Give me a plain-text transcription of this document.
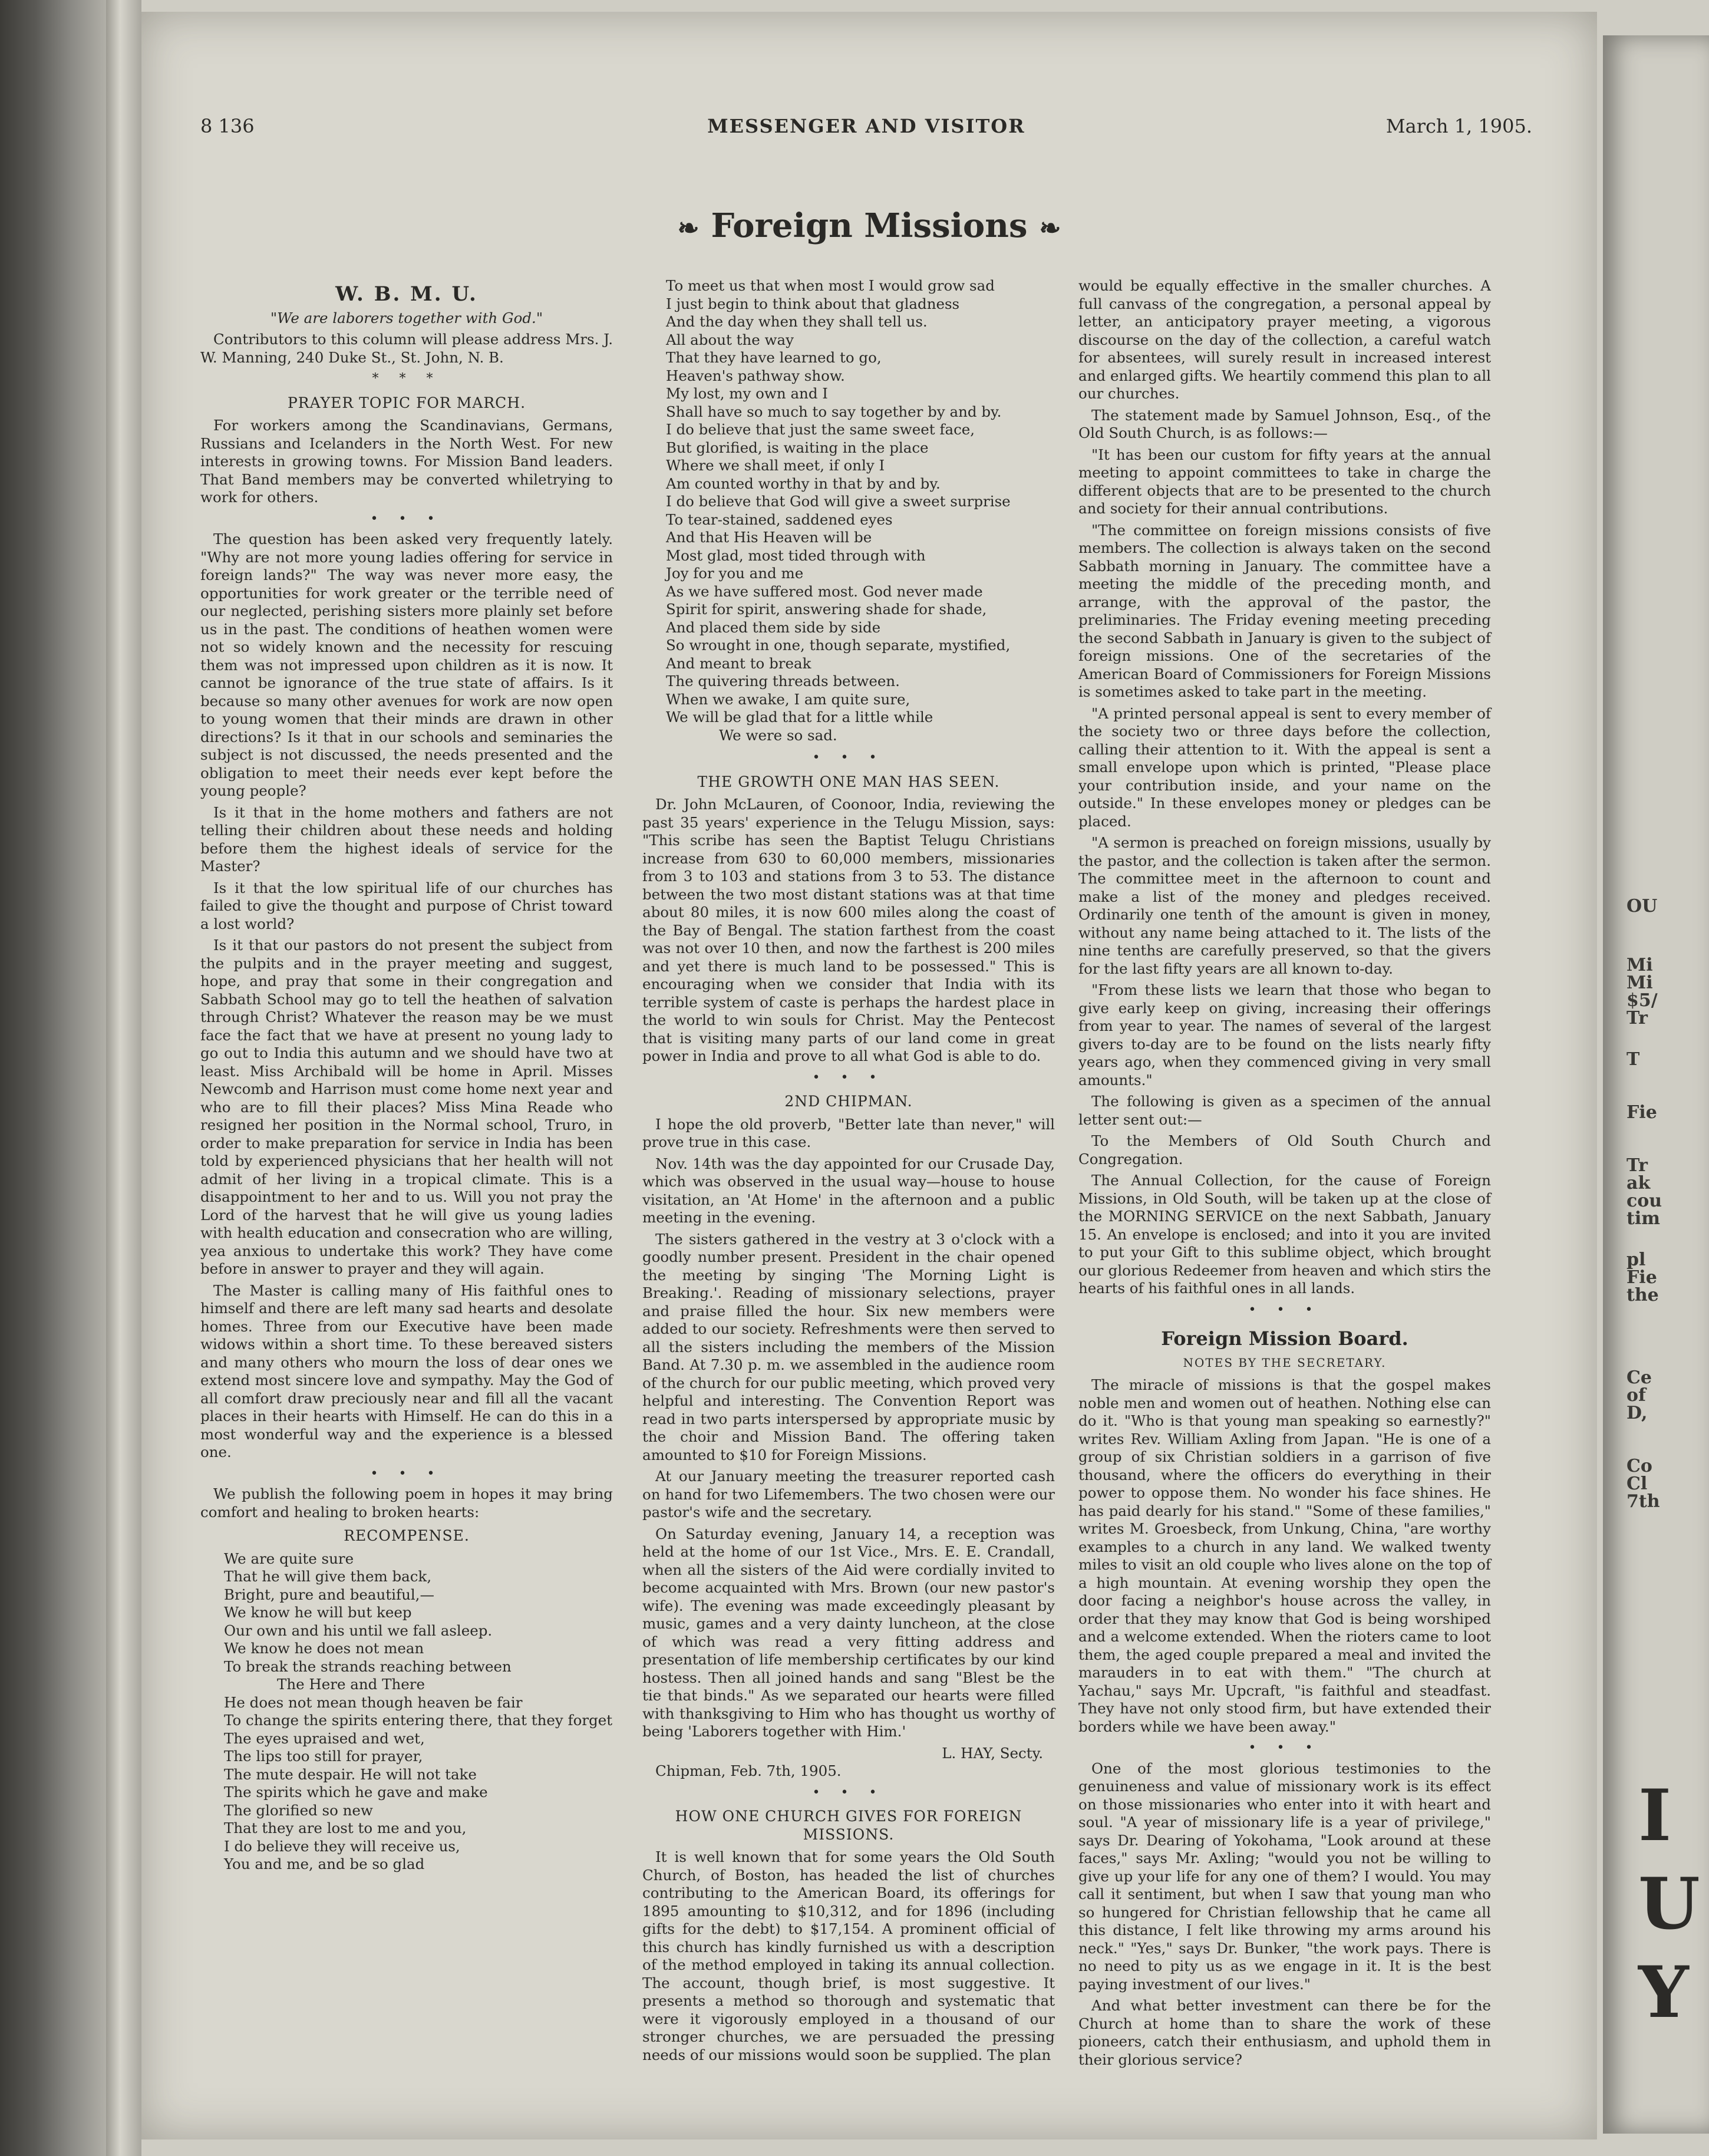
8 136	MESSENGER AND VISITOR	March 1, 1905.
❧ Foreign Missions ❧
W. B. M. U.
"We are laborers together with God."

Contributors to this column will please address Mrs. J. W. Manning, 240 Duke St., St. John, N. B.

* * *
PRAYER TOPIC FOR MARCH.

For workers among the Scandinavians, Germans, Russians and Icelanders in the North West. For new interests in growing towns. For Mission Band leaders. That Band members may be converted whiletrying to work for others.

• • •

The question has been asked very frequently lately. "Why are not more young ladies offering for service in foreign lands?" The way was never more easy, the opportunities for work greater or the terrible need of our neglected, perishing sisters more plainly set before us in the past. The conditions of heathen women were not so widely known and the necessity for rescuing them was not impressed upon children as it is now. It cannot be ignorance of the true state of affairs. Is it because so many other avenues for work are now open to young women that their minds are drawn in other directions? Is it that in our schools and seminaries the subject is not discussed, the needs presented and the obligation to meet their needs ever kept before the young people?

Is it that in the home mothers and fathers are not telling their children about these needs and holding before them the highest ideals of service for the Master?

Is it that the low spiritual life of our churches has failed to give the thought and purpose of Christ toward a lost world?

Is it that our pastors do not present the subject from the pulpits and in the prayer meeting and suggest, hope, and pray that some in their congregation and Sabbath School may go to tell the heathen of salvation through Christ? Whatever the reason may be we must face the fact that we have at present no young lady to go out to India this autumn and we should have two at least. Miss Archibald will be home in April. Misses Newcomb and Harrison must come home next year and who are to fill their places? Miss Mina Reade who resigned her position in the Normal school, Truro, in order to make preparation for service in India has been told by experienced physicians that her health will not admit of her living in a tropical climate. This is a disappointment to her and to us. Will you not pray the Lord of the harvest that he will give us young ladies with health education and consecration who are willing, yea anxious to undertake this work? They have come before in answer to prayer and they will again.

The Master is calling many of His faithful ones to himself and there are left many sad hearts and desolate homes. Three from our Executive have been made widows within a short time. To these bereaved sisters and many others who mourn the loss of dear ones we extend most sincere love and sympathy. May the God of all comfort draw preciously near and fill all the vacant places in their hearts with Himself. He can do this in a most wonderful way and the experience is a blessed one.

• • •

We publish the following poem in hopes it may bring comfort and healing to broken hearts:

RECOMPENSE.
We are quite sure
That he will give them back,
Bright, pure and beautiful,—
We know he will but keep
Our own and his until we fall asleep.
We know he does not mean
To break the strands reaching between
The Here and There
He does not mean though heaven be fair
To change the spirits entering there, that they forget
The eyes upraised and wet,
The lips too still for prayer,
The mute despair. He will not take
The spirits which he gave and make
The glorified so new
That they are lost to me and you,
I do believe they will receive us,
You and me, and be so glad
To meet us that when most I would grow sad
I just begin to think about that gladness
And the day when they shall tell us.
All about the way
That they have learned to go,
Heaven's pathway show.
My lost, my own and I
Shall have so much to say together by and by.
I do believe that just the same sweet face,
But glorified, is waiting in the place
Where we shall meet, if only I
Am counted worthy in that by and by.
I do believe that God will give a sweet surprise
To tear-stained, saddened eyes
And that His Heaven will be
Most glad, most tided through with
Joy for you and me
As we have suffered most. God never made
Spirit for spirit, answering shade for shade,
And placed them side by side
So wrought in one, though separate, mystified,
And meant to break
The quivering threads between.
When we awake, I am quite sure,
We will be glad that for a little while
We were so sad.
• • •
THE GROWTH ONE MAN HAS SEEN.

Dr. John McLauren, of Coonoor, India, reviewing the past 35 years' experience in the Telugu Mission, says: "This scribe has seen the Baptist Telugu Christians increase from 630 to 60,000 members, missionaries from 3 to 103 and stations from 3 to 53. The distance between the two most distant stations was at that time about 80 miles, it is now 600 miles along the coast of the Bay of Bengal. The station farthest from the coast was not over 10 then, and now the farthest is 200 miles and yet there is much land to be possessed." This is encouraging when we consider that India with its terrible system of caste is perhaps the hardest place in the world to win souls for Christ. May the Pentecost that is visiting many parts of our land come in great power in India and prove to all what God is able to do.

• • •
2ND CHIPMAN.

I hope the old proverb, "Better late than never," will prove true in this case.

Nov. 14th was the day appointed for our Crusade Day, which was observed in the usual way—house to house visitation, an 'At Home' in the afternoon and a public meeting in the evening.

The sisters gathered in the vestry at 3 o'clock with a goodly number present. President in the chair opened the meeting by singing 'The Morning Light is Breaking.'. Reading of missionary selections, prayer and praise filled the hour. Six new members were added to our society. Refreshments were then served to all the sisters including the members of the Mission Band. At 7.30 p. m. we assembled in the audience room of the church for our public meeting, which proved very helpful and interesting. The Convention Report was read in two parts interspersed by appropriate music by the choir and Mission Band. The offering taken amounted to $10 for Foreign Missions.

At our January meeting the treasurer reported cash on hand for two Lifemembers. The two chosen were our pastor's wife and the secretary.

On Saturday evening, January 14, a reception was held at the home of our 1st Vice., Mrs. E. E. Crandall, when all the sisters of the Aid were cordially invited to become acquainted with Mrs. Brown (our new pastor's wife). The evening was made exceedingly pleasant by music, games and a very dainty luncheon, at the close of which was read a very fitting address and presentation of life membership certificates by our kind hostess. Then all joined hands and sang "Blest be the tie that binds." As we separated our hearts were filled with thanksgiving to Him who has thought us worthy of being 'Laborers together with Him.'

L. HAY, Secty.

Chipman, Feb. 7th, 1905.

• • •
HOW ONE CHURCH GIVES FOR FOREIGN MISSIONS.

It is well known that for some years the Old South Church, of Boston, has headed the list of churches contributing to the American Board, its offerings for 1895 amounting to $10,312, and for 1896 (including gifts for the debt) to $17,154. A prominent official of this church has kindly furnished us with a description of the method employed in taking its annual collection. The account, though brief, is most suggestive. It presents a method so thorough and systematic that were it vigorously employed in a thousand of our stronger churches, we are persuaded the pressing needs of our missions would soon be supplied. The plan

would be equally effective in the smaller churches. A full canvass of the congregation, a personal appeal by letter, an anticipatory prayer meeting, a vigorous discourse on the day of the collection, a careful watch for absentees, will surely result in increased interest and enlarged gifts. We heartily commend this plan to all our churches.

The statement made by Samuel Johnson, Esq., of the Old South Church, is as follows:—

"It has been our custom for fifty years at the annual meeting to appoint committees to take in charge the different objects that are to be presented to the church and society for their annual contributions.

"The committee on foreign missions consists of five members. The collection is always taken on the second Sabbath morning in January. The committee have a meeting the middle of the preceding month, and arrange, with the approval of the pastor, the preliminaries. The Friday evening meeting preceding the second Sabbath in January is given to the subject of foreign missions. One of the secretaries of the American Board of Commissioners for Foreign Missions is sometimes asked to take part in the meeting.

"A printed personal appeal is sent to every member of the society two or three days before the collection, calling their attention to it. With the appeal is sent a small envelope upon which is printed, "Please place your contribution inside, and your name on the outside." In these envelopes money or pledges can be placed.

"A sermon is preached on foreign missions, usually by the pastor, and the collection is taken after the sermon. The committee meet in the afternoon to count and make a list of the money and pledges received. Ordinarily one tenth of the amount is given in money, without any name being attached to it. The lists of the nine tenths are carefully preserved, so that the givers for the last fifty years are all known to-day.

"From these lists we learn that those who began to give early keep on giving, increasing their offerings from year to year. The names of several of the largest givers to-day are to be found on the lists nearly fifty years ago, when they commenced giving in very small amounts."

The following is given as a specimen of the annual letter sent out:—

To the Members of Old South Church and Congregation.

The Annual Collection, for the cause of Foreign Missions, in Old South, will be taken up at the close of the MORNING SERVICE on the next Sabbath, January 15. An envelope is enclosed; and into it you are invited to put your Gift to this sublime object, which brought our glorious Redeemer from heaven and which stirs the hearts of his faithful ones in all lands.

• • •
Foreign Mission Board.
NOTES BY THE SECRETARY.

The miracle of missions is that the gospel makes noble men and women out of heathen. Nothing else can do it. "Who is that young man speaking so earnestly?" writes Rev. William Axling from Japan. "He is one of a group of six Christian soldiers in a garrison of five thousand, where the officers do everything in their power to oppose them. No wonder his face shines. He has paid dearly for his stand." "Some of these families," writes M. Groesbeck, from Unkung, China, "are worthy examples to a church in any land. We walked twenty miles to visit an old couple who lives alone on the top of a high mountain. At evening worship they open the door facing a neighbor's house across the valley, in order that they may know that God is being worshiped and a welcome extended. When the rioters came to loot them, the aged couple prepared a meal and invited the marauders in to eat with them." "The church at Yachau," says Mr. Upcraft, "is faithful and steadfast. They have not only stood firm, but have extended their borders while we have been away."

• • •

One of the most glorious testimonies to the genuineness and value of missionary work is its effect on those missionaries who enter into it with heart and soul. "A year of missionary life is a year of privilege," says Dr. Dearing of Yokohama, "Look around at these faces," says Mr. Axling; "would you not be willing to give up your life for any one of them? I would. You may call it sentiment, but when I saw that young man who so hungered for Christian fellowship that he came all this distance, I felt like throwing my arms around his neck." "Yes," says Dr. Bunker, "the work pays. There is no need to pity us as we engage in it. It is the best paying investment of our lives."

And what better investment can there be for the Church at home than to share the work of these pioneers, catch their enthusiasm, and uphold them in their glorious service?

OU
Mi
Mi
$5/
Tr
T
Fie
Tr
ak
cou
tim
pl
Fie
the
Ce
of
D,
Co
Cl
7th
I
U
Y
